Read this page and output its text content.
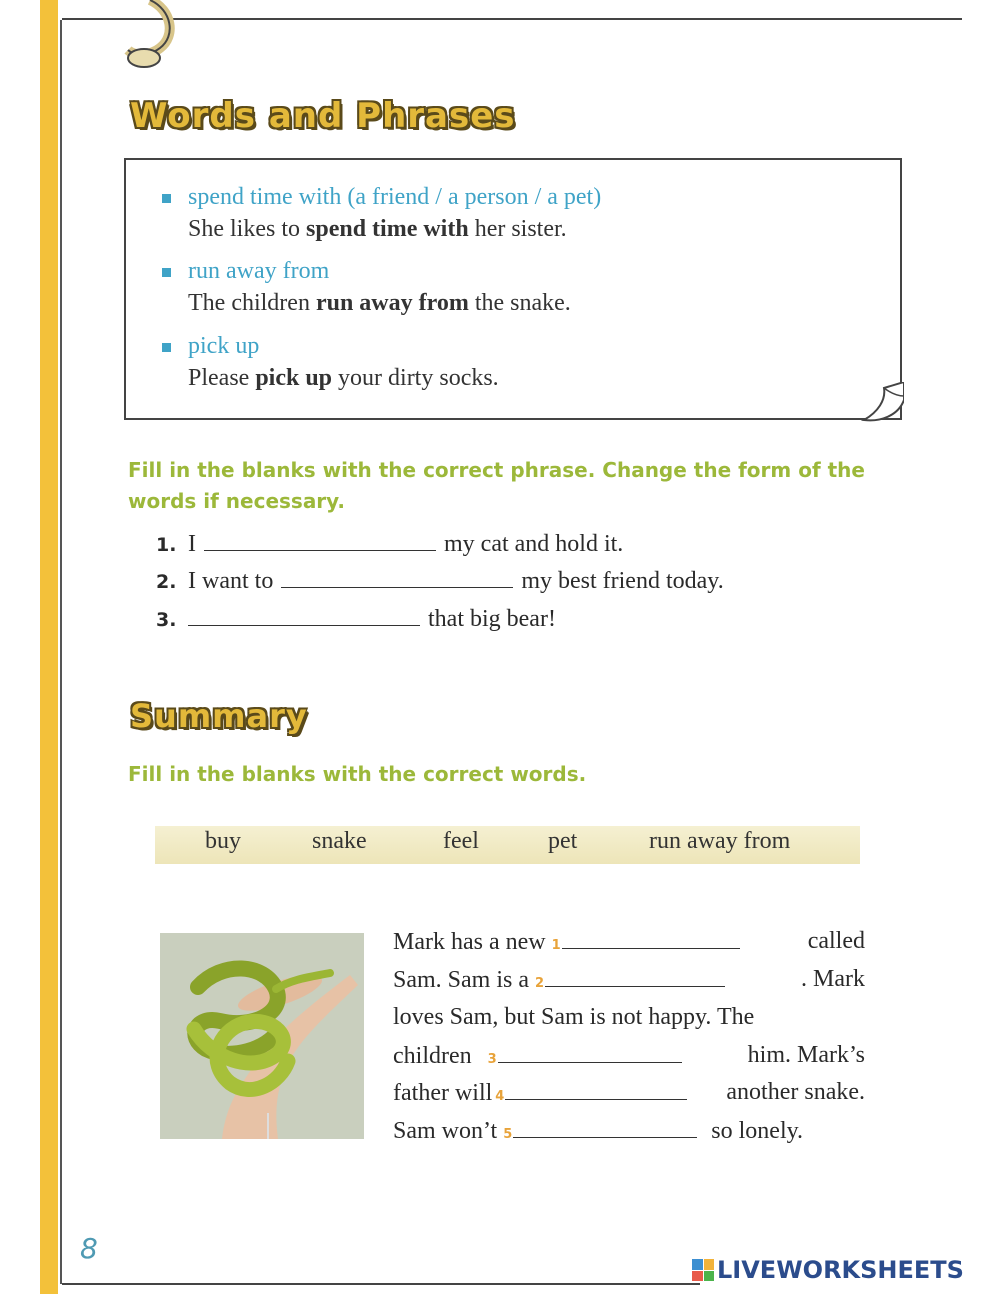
Words and Phrases
spend time with (a friend / a person / a pet)
She likes to spend time with her sister.
run away from
The children run away from the snake.
pick up
Please pick up your dirty socks.
Fill in the blanks with the correct phrase. Change the form of the words if necessary.
1. I	my cat and hold it.
2. I want to	my best friend today.
3.	that big bear!
Summary
Fill in the blanks with the correct words.
buy	snake	feel	pet	run away from
Mark has a new 1	called
Sam. Sam is a 2	. Mark
loves Sam, but Sam is not happy. The
children 3	him. Mark’s
father will 4	another snake.
Sam won’t 5	so lonely.
8
LIVEWORKSHEETS
